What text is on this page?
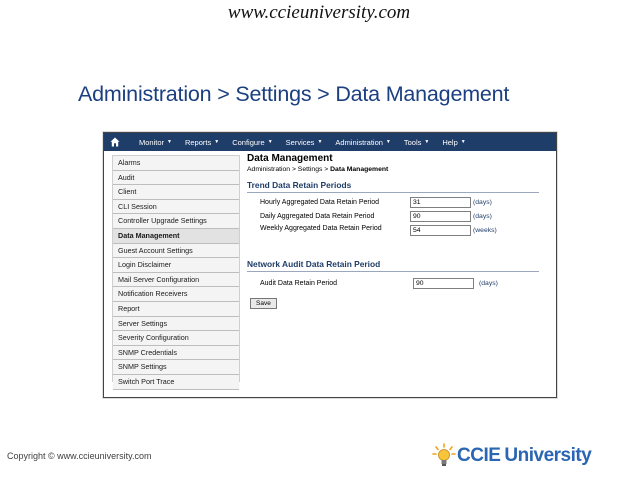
www.ccieuniversity.com
Administration > Settings > Data Management
Monitor ▼ Reports ▼ Configure ▼ Services ▼ Administration ▼ Tools ▼ Help ▼
Alarms
Audit
Client
CLI Session
Controller Upgrade Settings
Data Management
Guest Account Settings
Login Disclaimer
Mail Server Configuration
Notification Receivers
Report
Server Settings
Severity Configuration
SNMP Credentials
SNMP Settings
Switch Port Trace
Data Management
Administration > Settings > Data Management
Trend Data Retain Periods
Hourly Aggregated Data Retain Period
31	(days)
Daily Aggregated Data Retain Period
90	(days)
Weekly Aggregated Data Retain Period
54	(weeks)
Network Audit Data Retain Period
Audit Data Retain Period
90	(days)
Save
Copyright © www.ccieuniversity.com	CCIE University
